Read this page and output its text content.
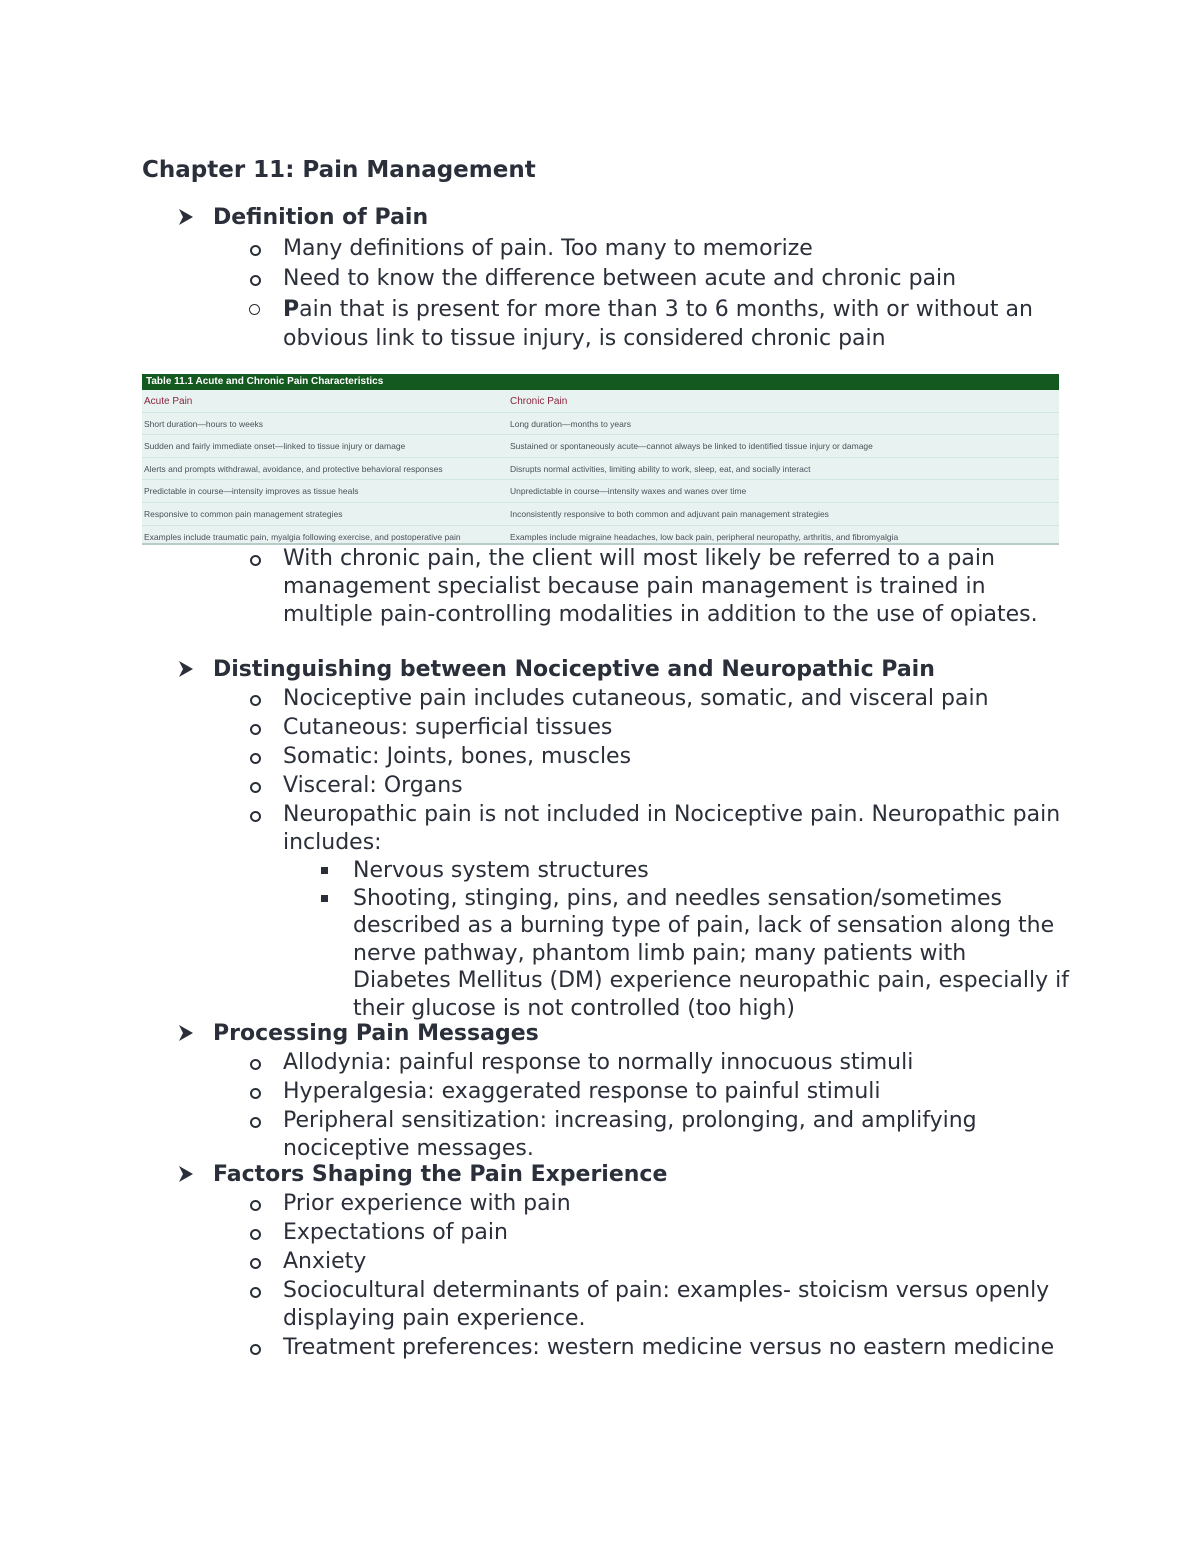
Chapter 11: Pain Management
Definition of Pain
Many definitions of pain. Too many to memorize
Need to know the difference between acute and chronic pain
Pain that is present for more than 3 to 6 months, with or without an obvious link to tissue injury, is considered chronic pain
Table 11.1 Acute and Chronic Pain Characteristics
Acute Pain	Chronic Pain
Short duration—hours to weeks	Long duration—months to years
Sudden and fairly immediate onset—linked to tissue injury or damage	Sustained or spontaneously acute—cannot always be linked to identified tissue injury or damage
Alerts and prompts withdrawal, avoidance, and protective behavioral responses	Disrupts normal activities, limiting ability to work, sleep, eat, and socially interact
Predictable in course—intensity improves as tissue heals	Unpredictable in course—intensity waxes and wanes over time
Responsive to common pain management strategies	Inconsistently responsive to both common and adjuvant pain management strategies
Examples include traumatic pain, myalgia following exercise, and postoperative pain	Examples include migraine headaches, low back pain, peripheral neuropathy, arthritis, and fibromyalgia
With chronic pain, the client will most likely be referred to a pain management specialist because pain management is trained in multiple pain-controlling modalities in addition to the use of opiates.
Distinguishing between Nociceptive and Neuropathic Pain
Nociceptive pain includes cutaneous, somatic, and visceral pain
Cutaneous: superficial tissues
Somatic: Joints, bones, muscles
Visceral: Organs
Neuropathic pain is not included in Nociceptive pain. Neuropathic pain includes:
Nervous system structures
Shooting, stinging, pins, and needles sensation/sometimes described as a burning type of pain, lack of sensation along the nerve pathway, phantom limb pain; many patients with Diabetes Mellitus (DM) experience neuropathic pain, especially if their glucose is not controlled (too high)
Processing Pain Messages
Allodynia: painful response to normally innocuous stimuli
Hyperalgesia: exaggerated response to painful stimuli
Peripheral sensitization: increasing, prolonging, and amplifying nociceptive messages.
Factors Shaping the Pain Experience
Prior experience with pain
Expectations of pain
Anxiety
Sociocultural determinants of pain: examples- stoicism versus openly displaying pain experience.
Treatment preferences: western medicine versus no eastern medicine
